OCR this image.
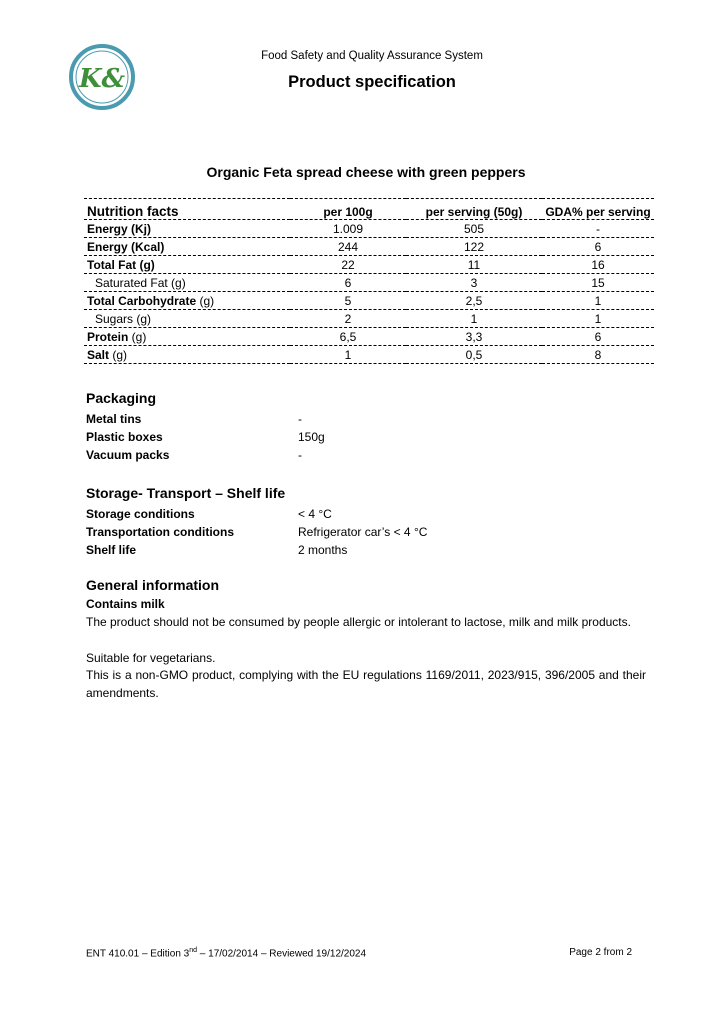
K&
Food Safety and Quality Assurance System
Product specification
Organic Feta spread cheese with green peppers
Nutrition facts	per 100g	per serving (50g)	GDA% per serving
Energy (Kj)	1.009	505	-
Energy (Kcal)	244	122	6
Total Fat (g)	22	11	16
Saturated Fat (g)	6	3	15
Total Carbohydrate (g)	5	2,5	1
Sugars (g)	2	1	1
Protein (g)	6,5	3,3	6
Salt (g)	1	0,5	8
Packaging
Metal tins	-
Plastic boxes	150g
Vacuum packs	-
Storage- Transport – Shelf life
Storage conditions	< 4 °C
Transportation conditions	Refrigerator car’s < 4 °C
Shelf life	2 months
General information
Contains milk
The product should not be consumed by people allergic or intolerant to lactose, milk and milk products.
Suitable for vegetarians.
This is a non-GMO product, complying with the EU regulations 1169/2011, 2023/915, 396/2005 and their amendments.
ENT 410.01 – Edition 3nd – 17/02/2014 – Reviewed 19/12/2024	Page 2 from 2
